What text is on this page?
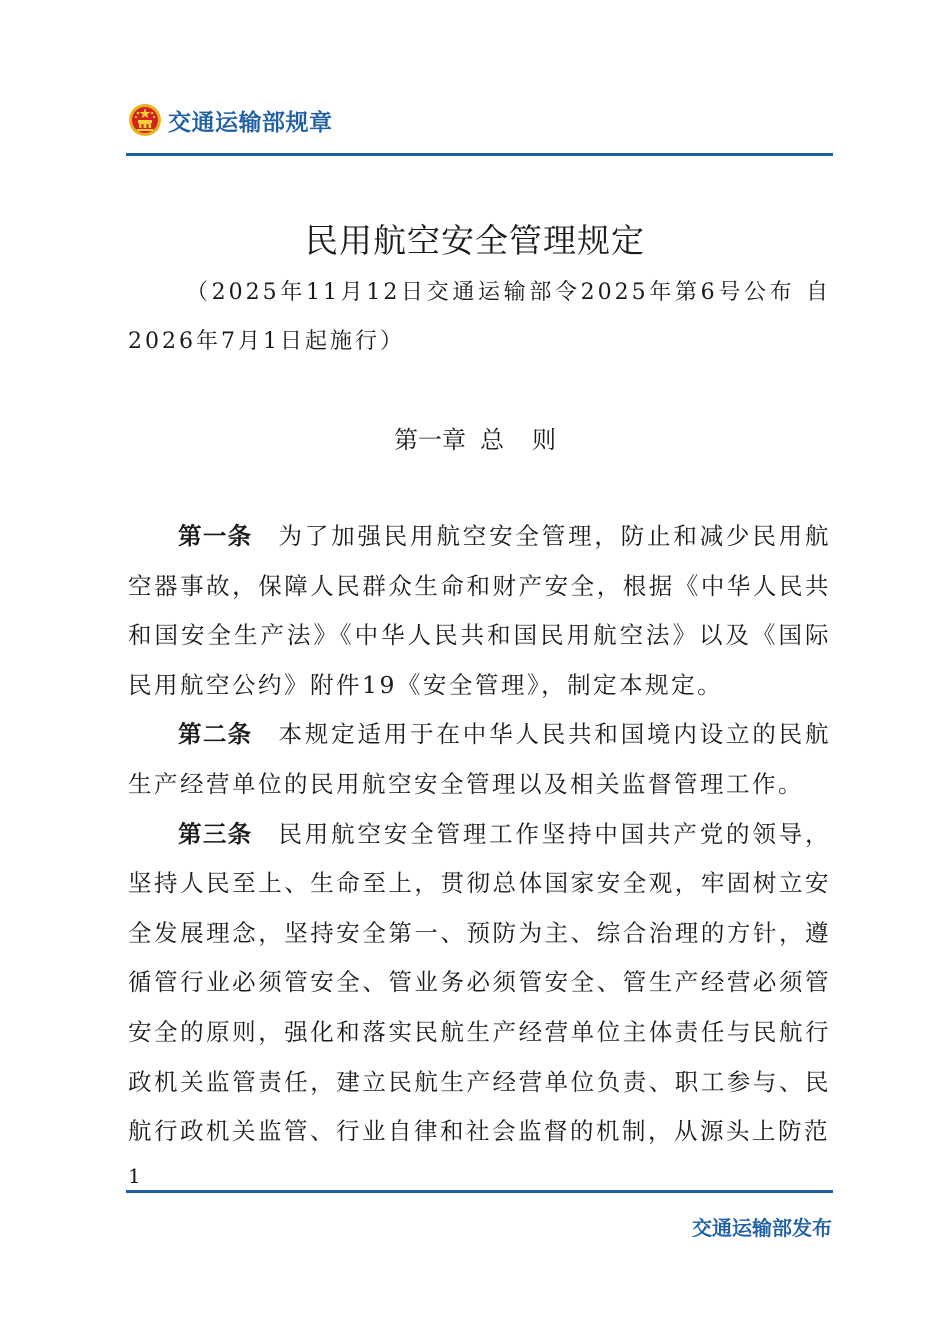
交通运输部规章
民用航空安全管理规定

（2025年11月12日交通运输部令2025年第6号公布 自2026年7月1日起施行）

第一章 总 则

第一条 为了加强民用航空安全管理，防止和减少民用航空器事故，保障人民群众生命和财产安全，根据《中华人民共和国安全生产法》《中华人民共和国民用航空法》以及《国际民用航空公约》附件19《安全管理》，制定本规定。

第二条 本规定适用于在中华人民共和国境内设立的民航生产经营单位的民用航空安全管理以及相关监督管理工作。

第三条 民用航空安全管理工作坚持中国共产党的领导，坚持人民至上、生命至上，贯彻总体国家安全观，牢固树立安全发展理念，坚持安全第一、预防为主、综合治理的方针，遵循管行业必须管安全、管业务必须管安全、管生产经营必须管安全的原则，强化和落实民航生产经营单位主体责任与民航行政机关监管责任，建立民航生产经营单位负责、职工参与、民航行政机关监管、行业自律和社会监督的机制，从源头上防范

1
交通运输部发布
